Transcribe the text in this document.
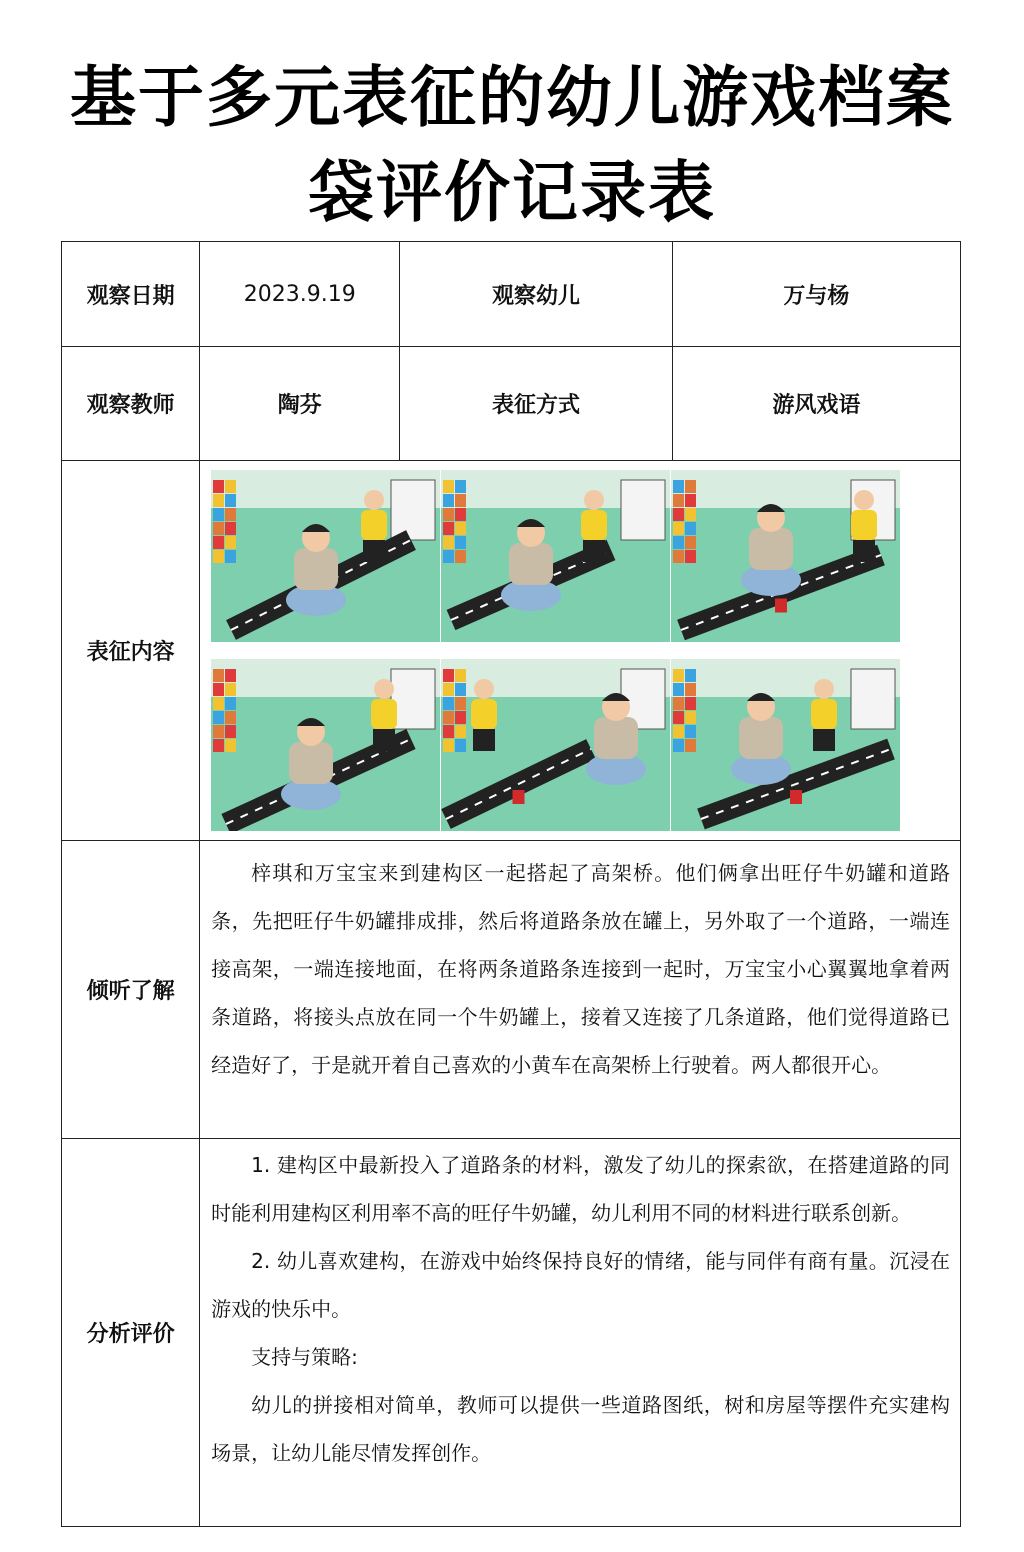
基于多元表征的幼儿游戏档案
袋评价记录表
观察日期	2023.9.19	观察幼儿	万与杨
观察教师	陶芬	表征方式	游风戏语
表征内容	

倾听了解	梓琪和万宝宝来到建构区一起搭起了高架桥。他们俩拿出旺仔牛奶罐和道路条，先把旺仔牛奶罐排成排，然后将道路条放在罐上，另外取了一个道路，一端连接高架，一端连接地面，在将两条道路条连接到一起时，万宝宝小心翼翼地拿着两条道路，将接头点放在同一个牛奶罐上，接着又连接了几条道路，他们觉得道路已经造好了，于是就开着自己喜欢的小黄车在高架桥上行驶着。两人都很开心。		

分析评价	1. 建构区中最新投入了道路条的材料，激发了幼儿的探索欲，在搭建道路的同时能利用建构区利用率不高的旺仔牛奶罐，幼儿利用不同的材料进行联系创新。

2. 幼儿喜欢建构，在游戏中始终保持良好的情绪，能与同伴有商有量。沉浸在游戏的快乐中。

支持与策略:

幼儿的拼接相对简单，教师可以提供一些道路图纸，树和房屋等摆件充实建构场景，让幼儿能尽情发挥创作。		
